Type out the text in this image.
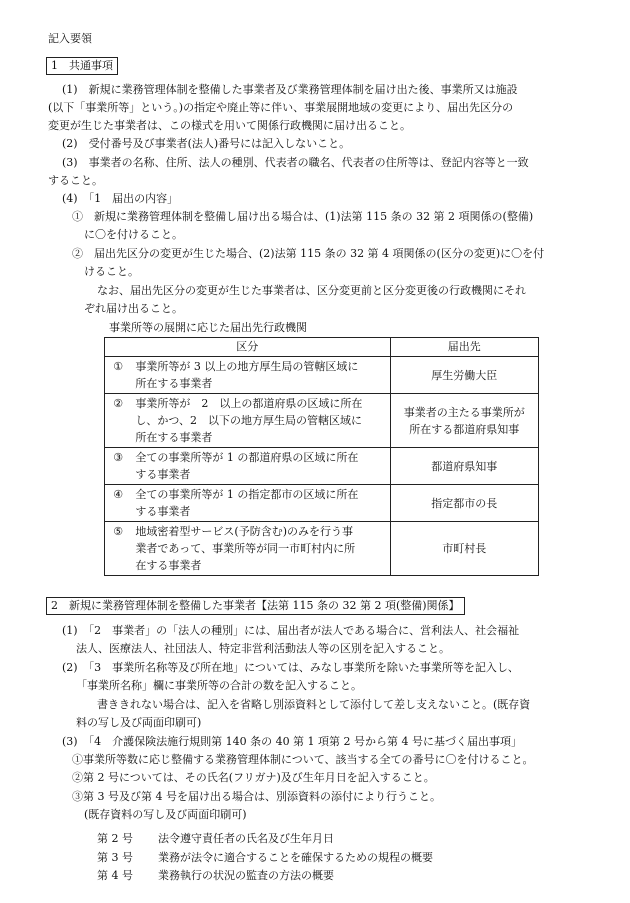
記入要領
1　共通事項
(1)　新規に業務管理体制を整備した事業者及び業務管理体制を届け出た後、事業所又は施設
(以下「事業所等」という。)の指定や廃止等に伴い、事業展開地域の変更により、届出先区分の
変更が生じた事業者は、この様式を用いて関係行政機関に届け出ること。
(2)　受付番号及び事業者(法人)番号には記入しないこと。
(3)　事業者の名称、住所、法人の種別、代表者の職名、代表者の住所等は、登記内容等と一致
すること。
(4)　「1　届出の内容」
①　新規に業務管理体制を整備し届け出る場合は、(1)法第 115 条の 32 第 2 項関係の(整備)
に〇を付けること。
②　届出先区分の変更が生じた場合、(2)法第 115 条の 32 第 4 項関係の(区分の変更)に〇を付
けること。
なお、届出先区分の変更が生じた事業者は、区分変更前と区分変更後の行政機関にそれ
ぞれ届け出ること。
事業所等の展開に応じた届出先行政機関
区分		届出先
①	事業所等が 3 以上の地方厚生局の管轄区域に
所在する事業者	厚生労働大臣
②	事業所等が　2　以上の都道府県の区域に所在
し、かつ、2　以下の地方厚生局の管轄区域に
所在する事業者	事業者の主たる事業所が
所在する都道府県知事
③	全ての事業所等が 1 の都道府県の区域に所在
する事業者	都道府県知事
④	全ての事業所等が 1 の指定都市の区域に所在
する事業者	指定都市の長
⑤	地域密着型サービス(予防含む)のみを行う事
業者であって、事業所等が同一市町村内に所
在する事業者	市町村長
2　新規に業務管理体制を整備した事業者【法第 115 条の 32 第 2 項(整備)関係】
(1)　「2　事業者」の「法人の種別」には、届出者が法人である場合に、営利法人、社会福祉
法人、医療法人、社団法人、特定非営利活動法人等の区別を記入すること。
(2)　「3　事業所名称等及び所在地」については、みなし事業所を除いた事業所等を記入し、
「事業所名称」欄に事業所等の合計の数を記入すること。
書ききれない場合は、記入を省略し別添資料として添付して差し支えないこと。(既存資
料の写し及び両面印刷可)
(3)　「4　介護保険法施行規則第 140 条の 40 第 1 項第 2 号から第 4 号に基づく届出事項」
①事業所等数に応じ整備する業務管理体制について、該当する全ての番号に〇を付けること。
②第 2 号については、その氏名(フリガナ)及び生年月日を記入すること。
③第 3 号及び第 4 号を届け出る場合は、別添資料の添付により行うこと。
(既存資料の写し及び両面印刷可)
第 2 号 法令遵守責任者の氏名及び生年月日
第 3 号 業務が法令に適合することを確保するための規程の概要
第 4 号 業務執行の状況の監査の方法の概要
